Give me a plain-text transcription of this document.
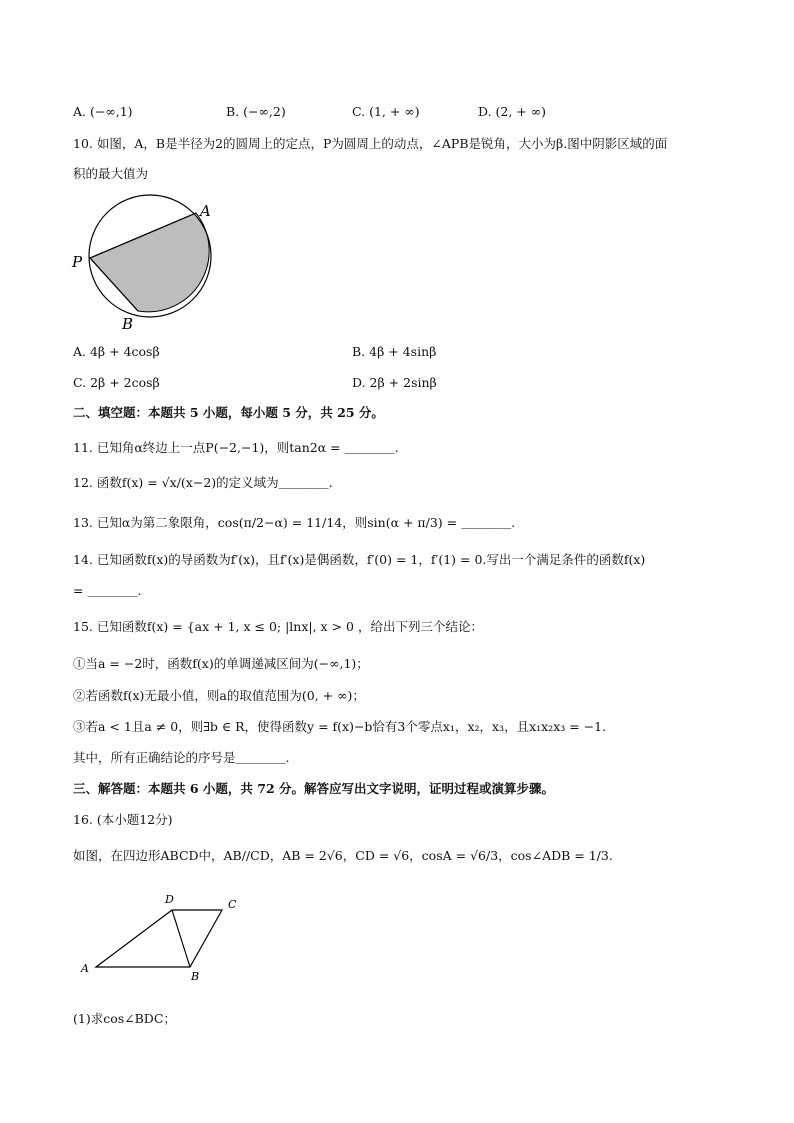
A. (−∞,1)	B. (−∞,2)	C. (1, + ∞)	D. (2, + ∞)
10. 如图，A，B是半径为2的圆周上的定点，P为圆周上的动点，∠APB是锐角，大小为β.图中阴影区域的面
积的最大值为
A
P
B
A. 4β + 4cosβ	B. 4β + 4sinβ
C. 2β + 2cosβ	D. 2β + 2sinβ
二、填空题：本题共 5 小题，每小题 5 分，共 25 分。
11. 已知角α终边上一点P(−2,−1)，则tan2α = ＿＿＿＿.
12. 函数f(x) = √x/(x−2)的定义域为＿＿＿＿.
13. 已知α为第二象限角，cos(π/2−α) = 11/14，则sin(α + π/3) = ＿＿＿＿.
14. 已知函数f(x)的导函数为f′(x)，且f′(x)是偶函数，f′(0) = 1，f′(1) = 0.写出一个满足条件的函数f(x)
= ＿＿＿＿.
15. 已知函数f(x) = {ax + 1, x ≤ 0; |lnx|, x > 0 ，给出下列三个结论：
①当a = −2时，函数f(x)的单调递减区间为(−∞,1)；
②若函数f(x)无最小值，则a的取值范围为(0, + ∞)；
③若a < 1且a ≠ 0，则∃b ∈ R，使得函数y = f(x)−b恰有3个零点x₁，x₂，x₃，且x₁x₂x₃ = −1.
其中，所有正确结论的序号是＿＿＿＿.
三、解答题：本题共 6 小题，共 72 分。解答应写出文字说明，证明过程或演算步骤。
16. (本小题12分)
如图，在四边形ABCD中，AB//CD，AB = 2√6，CD = √6，cosA = √6/3，cos∠ADB = 1/3.
A
B
C
D
(1)求cos∠BDC；
